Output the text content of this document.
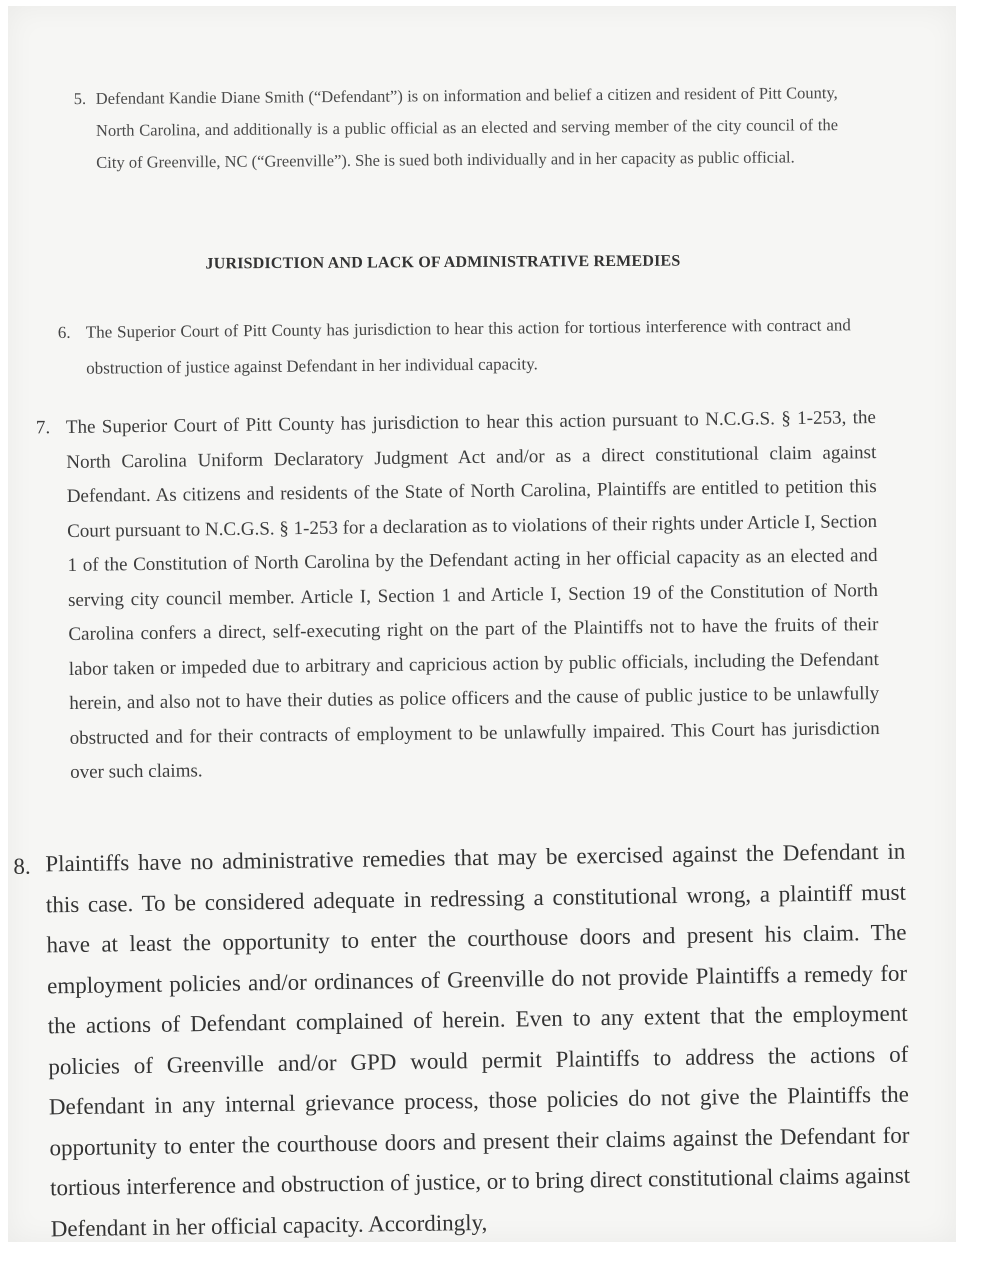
5. Defendant Kandie Diane Smith (“Defendant”) is on information and belief a citizen and resident of Pitt County, North Carolina, and additionally is a public official as an elected and serving member of the city council of the City of Greenville, NC (“Greenville”). She is sued both individually and in her capacity as public official.
JURISDICTION AND LACK OF ADMINISTRATIVE REMEDIES
6. The Superior Court of Pitt County has jurisdiction to hear this action for tortious interference with contract and obstruction of justice against Defendant in her individual capacity.
7. The Superior Court of Pitt County has jurisdiction to hear this action pursuant to N.C.G.S. § 1-253, the North Carolina Uniform Declaratory Judgment Act and/or as a direct constitutional claim against Defendant. As citizens and residents of the State of North Carolina, Plaintiffs are entitled to petition this Court pursuant to N.C.G.S. § 1-253 for a declaration as to violations of their rights under Article I, Section 1 of the Constitution of North Carolina by the Defendant acting in her official capacity as an elected and serving city council member. Article I, Section 1 and Article I, Section 19 of the Constitution of North Carolina confers a direct, self-executing right on the part of the Plaintiffs not to have the fruits of their labor taken or impeded due to arbitrary and capricious action by public officials, including the Defendant herein, and also not to have their duties as police officers and the cause of public justice to be unlawfully obstructed and for their contracts of employment to be unlawfully impaired. This Court has jurisdiction over such claims.
8. Plaintiffs have no administrative remedies that may be exercised against the Defendant in this case. To be considered adequate in redressing a constitutional wrong, a plaintiff must have at least the opportunity to enter the courthouse doors and present his claim. The employment policies and/or ordinances of Greenville do not provide Plaintiffs a remedy for the actions of Defendant complained of herein. Even to any extent that the employment policies of Greenville and/or GPD would permit Plaintiffs to address the actions of Defendant in any internal grievance process, those policies do not give the Plaintiffs the opportunity to enter the courthouse doors and present their claims against the Defendant for tortious interference and obstruction of justice, or to bring direct constitutional claims against Defendant in her official capacity. Accordingly,
